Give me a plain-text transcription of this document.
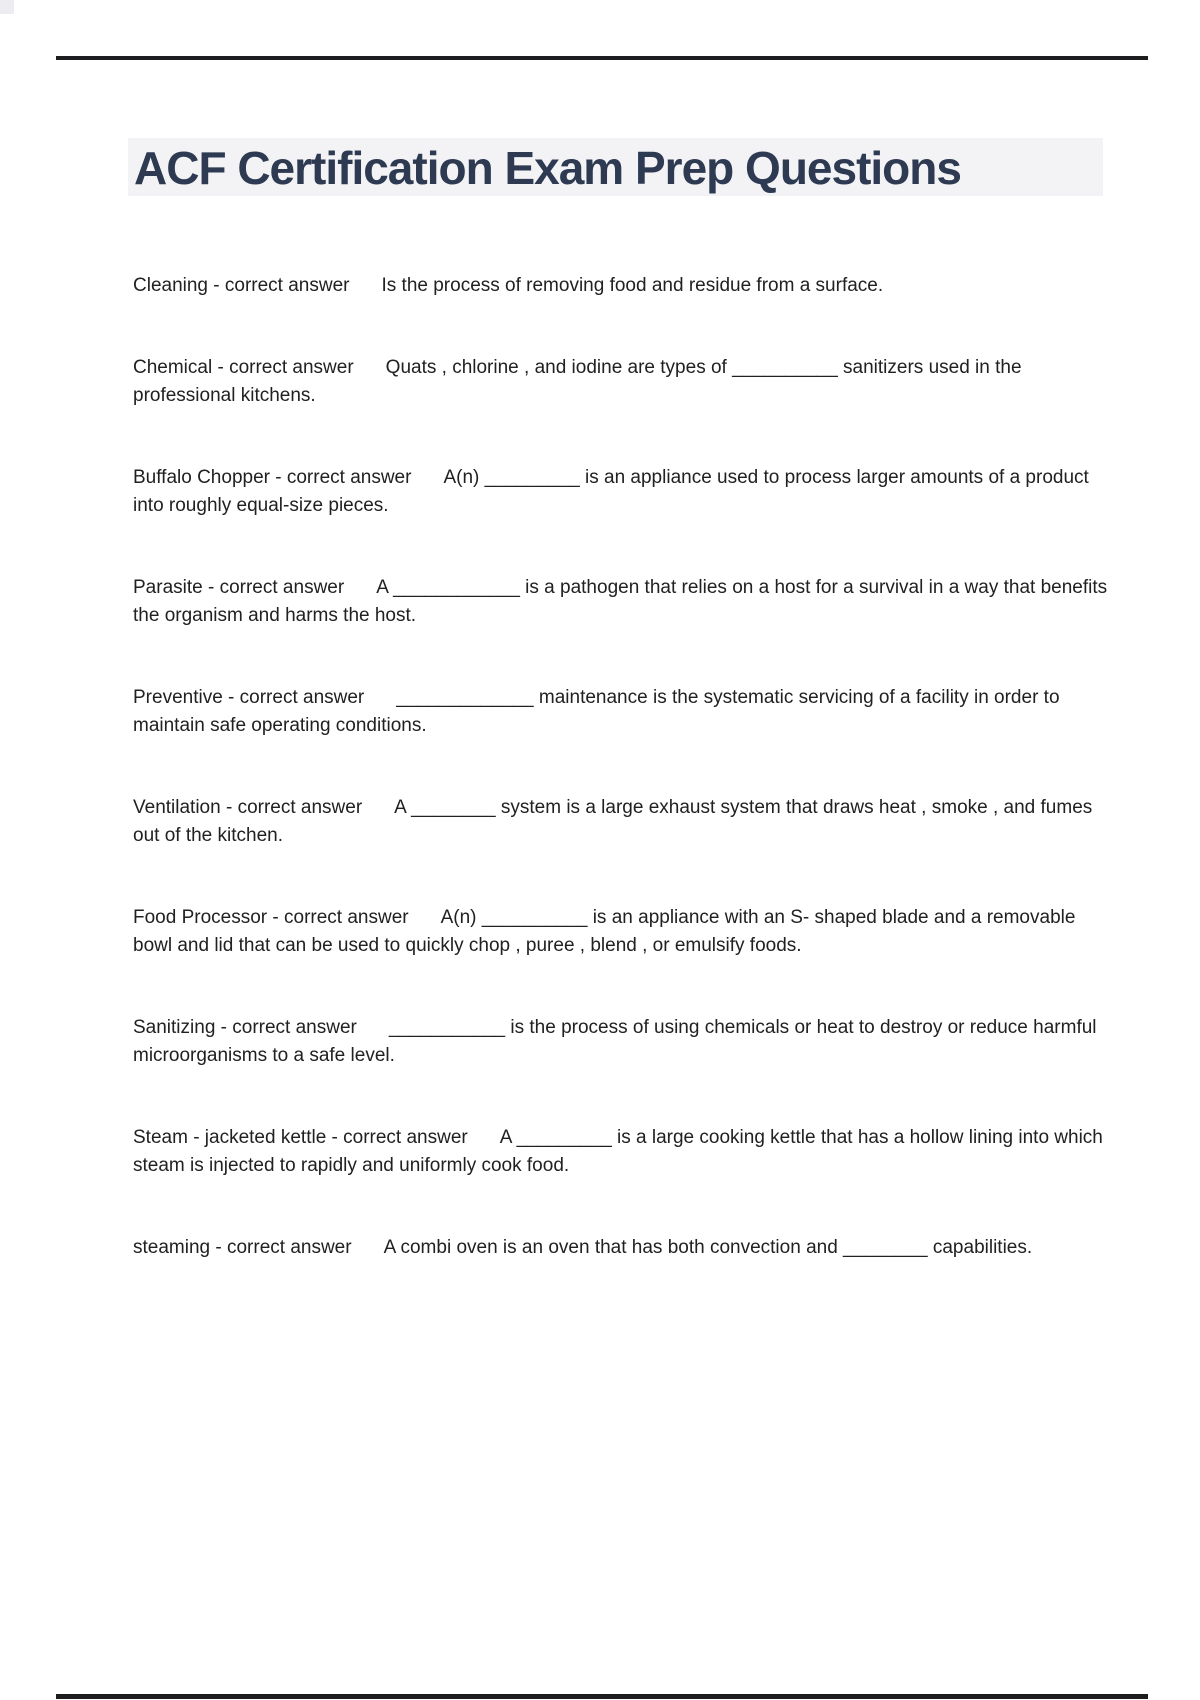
ACF Certification Exam Prep Questions
Cleaning - correct answer Is the process of removing food and residue from a surface.
Chemical - correct answer Quats , chlorine , and iodine are types of __________ sanitizers used in the professional kitchens.
Buffalo Chopper - correct answer A(n) _________ is an appliance used to process larger amounts of a product into roughly equal-size pieces.
Parasite - correct answer A ____________ is a pathogen that relies on a host for a survival in a way that benefits the organism and harms the host.
Preventive - correct answer _____________ maintenance is the systematic servicing of a facility in order to maintain safe operating conditions.
Ventilation - correct answer A ________ system is a large exhaust system that draws heat , smoke , and fumes out of the kitchen.
Food Processor - correct answer A(n) __________ is an appliance with an S- shaped blade and a removable bowl and lid that can be used to quickly chop , puree , blend , or emulsify foods.
Sanitizing - correct answer ___________ is the process of using chemicals or heat to destroy or reduce harmful microorganisms to a safe level.
Steam - jacketed kettle - correct answer A _________ is a large cooking kettle that has a hollow lining into which steam is injected to rapidly and uniformly cook food.
steaming - correct answer A combi oven is an oven that has both convection and ________ capabilities.
